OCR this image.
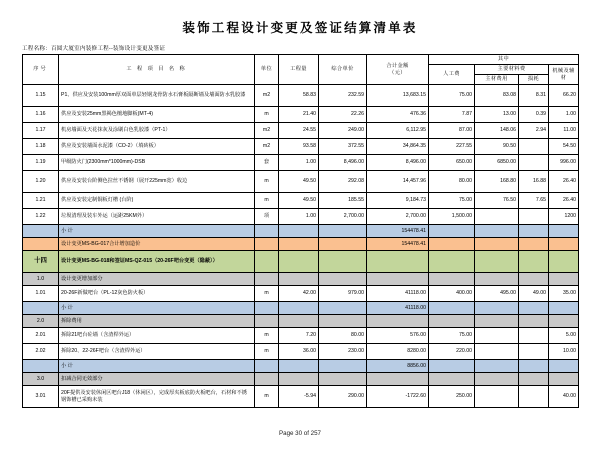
装饰工程设计变更及签证结算清单表
工程名称：百圆大厦室内装修工程--装饰设计变更及签证
序号	工 程 项 目 名 称	单位	工程量	综合单价	合计金额
（元）	其中			
						人工费	主要材料费		机械及辅材
							主材费用	损耗	
1.15	P1、供应及安装100mm厚双面单层轻钢龙骨防水石膏板隔断墙及墙面防水乳胶漆	m2	58.83	232.59	13,683.15	75.00	83.08	8.31	66.20
1.16	供应及安装25mm黑褐色檀地脚板(MT-4)	m	21.40	22.26	476.36	7.87	13.00	0.39	1.00
1.17	机房墙面及天花抹灰及涂刷白色乳胶漆（PT-1）	m2	24.55	249.00	6,112.95	87.00	148.06	2.94	11.00
1.18	供应及安装墙面水泥漆（CO-2）（填砖板）	m2	93.58	372.55	34,864.35	227.55	90.50		54.50
1.19	甲级防火门(2300mm*1000mm)-DSB	套	1.00	8,496.00	8,496.00	650.00	6850.00		996.00
1.20	供应及安装台阶侧色拉丝不锈钢（展开225mm宽）收边	m	49.50	292.08	14,457.96	80.00	168.80	16.88	26.40
1.21	供应及安装定制铜板灯槽 (台阶)	m	49.50	185.55	9,184.73	75.00	76.50	7.65	26.40
1.22	垃圾清理及装车外运（运距25KM外）	项	1.00	2,700.00	2,700.00	1,500.00			1200
	小 计				154478.41				
	设计变更MS-BG-017合计增加造价				154478.41				
十四	设计变更MS-BG-018和签证MS-QZ-015（20-26F吧台变更（隐蔽））								
1.0	设计变更增加部分								
1.01	20-26F新做吧台（PL-12灰色防火板）	m	42.00	979.00	41118.00	400.00	495.00	49.00	35.00
	小 计				41118.00				
2.0	拆除费用								
2.01	拆除21吧台砼墙（含渣桿外运）	m	7.20	80.00	576.00	75.00			5.00
2.02	拆除20、22-26F吧台（含渣桿外运）	m	36.00	230.00	8280.00	220.00			10.00
	小 计				8856.00				
3.0	扣减合同无效部分								
3.01	20F提供及安装休闲区吧台J18（休闲区），完成厚夹板底防火板吧台，石材和不锈钢饰槽已采购未装	m	-5.94	290.00	-1722.60	250.00			40.00
Page 30 of 257
